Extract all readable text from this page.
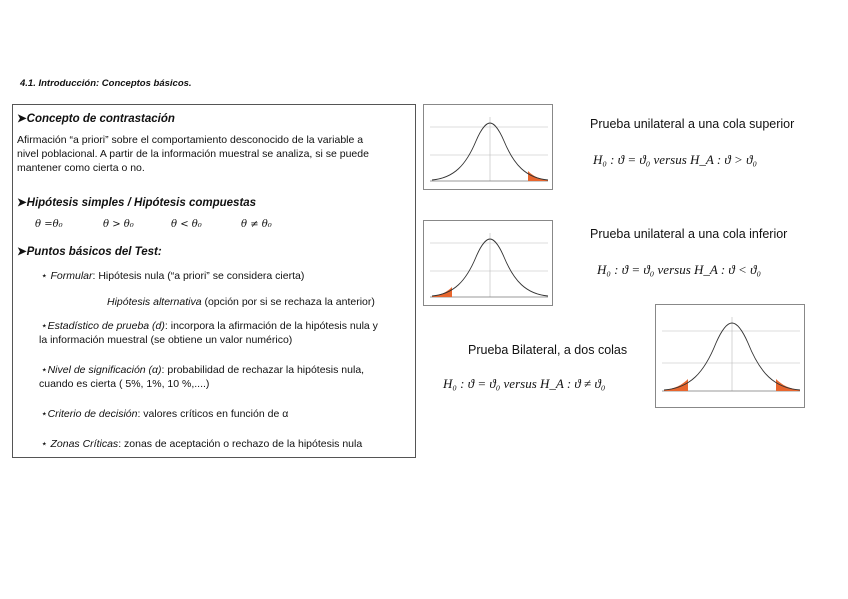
4.1. Introducción: Conceptos básicos.
➤Concepto de contrastación
Afirmación “a priori” sobre el comportamiento desconocido de la variable a
nivel poblacional. A partir de la información muestral se analiza, si se puede
mantener como cierta o no.
➤Hipótesis simples / Hipótesis compuestas
θ =θ₀	θ > θ₀	θ < θ₀	θ ≠ θ₀
➤Puntos básicos del Test:
⋆ Formular: Hipótesis nula (“a priori” se considera cierta)
Hipótesis alternativa (opción por si se rechaza la anterior)
⋆Estadístico de prueba (d): incorpora la afirmación de la hipótesis nula y
la información muestral (se obtiene un valor numérico)
⋆Nivel de significación (α): probabilidad de rechazar la hipótesis nula,
cuando es cierta ( 5%, 1%, 10 %,....)
⋆Criterio de decisión: valores críticos en función de α
⋆ Zonas Críticas: zonas de aceptación o rechazo de la hipótesis nula
Prueba unilateral a una cola superior
H₀ : ϑ = ϑ₀ versus H_A : ϑ > ϑ₀
Prueba unilateral a una cola inferior
H₀ : ϑ = ϑ₀ versus H_A : ϑ < ϑ₀
Prueba Bilateral, a dos colas
H₀ : ϑ = ϑ₀ versus H_A : ϑ ≠ ϑ₀
